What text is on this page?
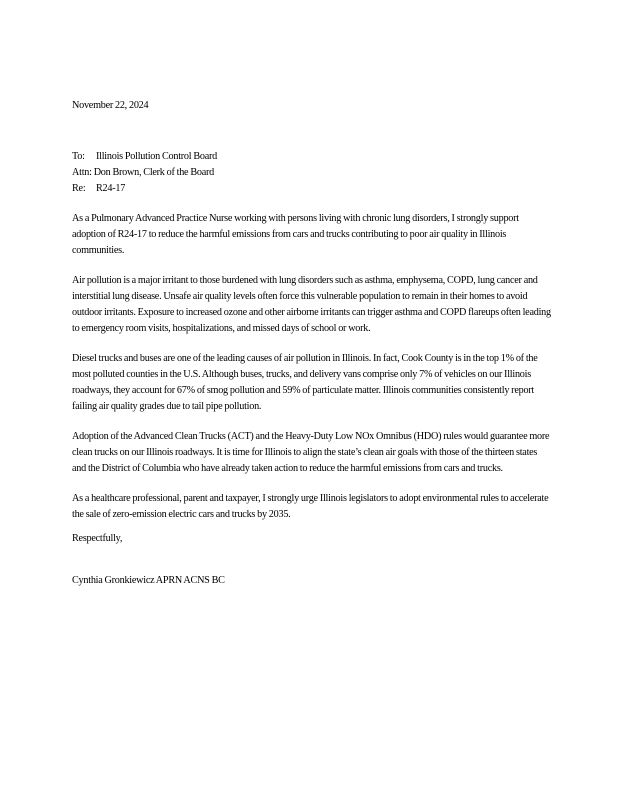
November 22, 2024

To: Illinois Pollution Control Board
Attn: Don Brown, Clerk of the Board
Re: R24-17

As a Pulmonary Advanced Practice Nurse working with persons living with chronic lung disorders, I strongly support adoption of R24-17 to reduce the harmful emissions from cars and trucks contributing to poor air quality in Illinois communities.

Air pollution is a major irritant to those burdened with lung disorders such as asthma, emphysema, COPD, lung cancer and interstitial lung disease. Unsafe air quality levels often force this vulnerable population to remain in their homes to avoid outdoor irritants. Exposure to increased ozone and other airborne irritants can trigger asthma and COPD flareups often leading to emergency room visits, hospitalizations, and missed days of school or work.

Diesel trucks and buses are one of the leading causes of air pollution in Illinois. In fact, Cook County is in the top 1% of the most polluted counties in the U.S. Although buses, trucks, and delivery vans comprise only 7% of vehicles on our Illinois roadways, they account for 67% of smog pollution and 59% of particulate matter. Illinois communities consistently report failing air quality grades due to tail pipe pollution.

Adoption of the Advanced Clean Trucks (ACT) and the Heavy-Duty Low NOx Omnibus (HDO) rules would guarantee more clean trucks on our Illinois roadways. It is time for Illinois to align the state’s clean air goals with those of the thirteen states and the District of Columbia who have already taken action to reduce the harmful emissions from cars and trucks.

As a healthcare professional, parent and taxpayer, I strongly urge Illinois legislators to adopt environmental rules to accelerate the sale of zero-emission electric cars and trucks by 2035.

Respectfully,

Cynthia Gronkiewicz APRN ACNS BC
